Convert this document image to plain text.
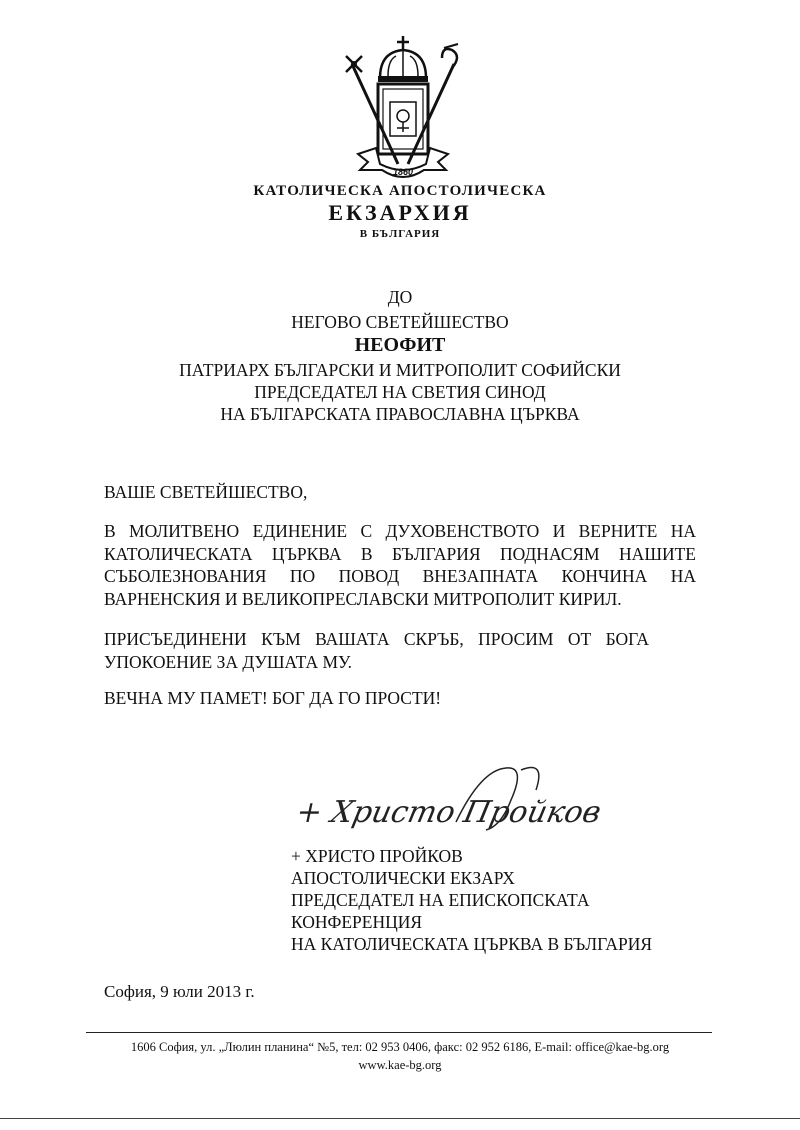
1860
КАТОЛИЧЕСКА АПОСТОЛИЧЕСКА
ЕКЗАРХИЯ
В БЪЛГАРИЯ
ДО
НЕГОВО СВЕТЕЙШЕСТВО
НЕОФИТ
ПАТРИАРХ БЪЛГАРСКИ И МИТРОПОЛИТ СОФИЙСКИ
ПРЕДСЕДАТЕЛ НА СВЕТИЯ СИНОД
НА БЪЛГАРСКАТА ПРАВОСЛАВНА ЦЪРКВА
ВАШЕ СВЕТЕЙШЕСТВО,
В МОЛИТВЕНО ЕДИНЕНИЕ С ДУХОВЕНСТВОТО И ВЕРНИТЕ НА
КАТОЛИЧЕСКАТА ЦЪРКВА В БЪЛГАРИЯ ПОДНАСЯМ НАШИТЕ
СЪБОЛЕЗНОВАНИЯ ПО ПОВОД ВНЕЗАПНАТА КОНЧИНА НА
ВАРНЕНСКИЯ И ВЕЛИКОПРЕСЛАВСКИ МИТРОПОЛИТ КИРИЛ.
ПРИСЪЕДИНЕНИ КЪМ ВАШАТА СКРЪБ, ПРОСИМ ОТ БОГА
УПОКОЕНИЕ ЗА ДУШАТА МУ.
ВЕЧНА МУ ПАМЕТ! БОГ ДА ГО ПРОСТИ!
+ Христо Пройков
+ ХРИСТО ПРОЙКОВ
АПОСТОЛИЧЕСКИ ЕКЗАРХ
ПРЕДСЕДАТЕЛ НА ЕПИСКОПСКАТА
КОНФЕРЕНЦИЯ
НА КАТОЛИЧЕСКАТА ЦЪРКВА В БЪЛГАРИЯ
София, 9 юли 2013 г.
1606 София, ул. „Люлин планина“ №5, тел: 02 953 0406, факс: 02 952 6186, E-mail: office@kae-bg.org
www.kae-bg.org
